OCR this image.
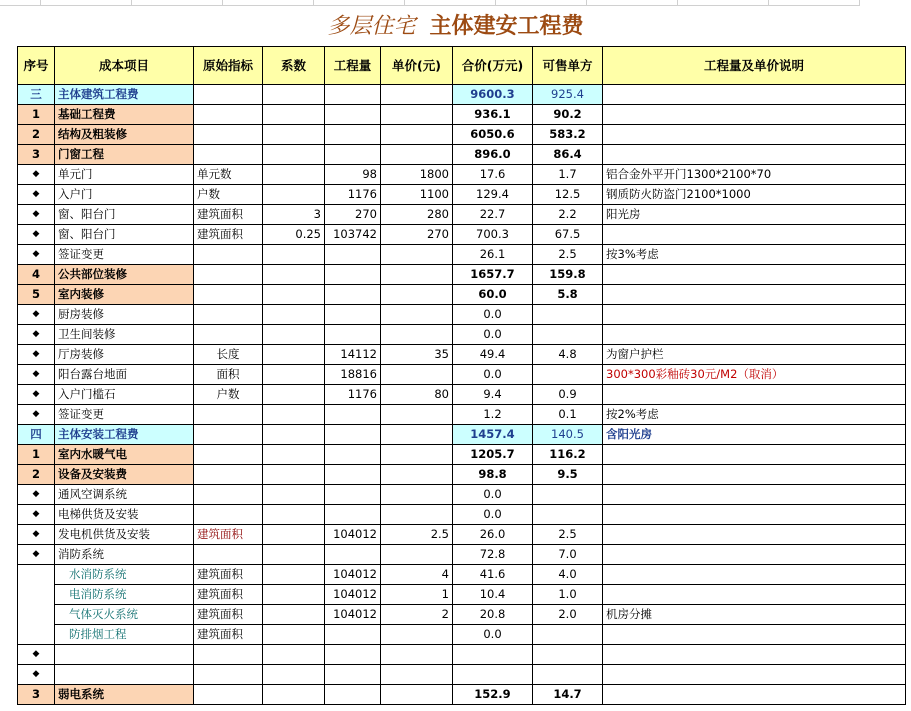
多层住宅 主体建安工程费
序号	成本项目	原始指标	系数	工程量	单价(元)	合价(万元)	可售单方	工程量及单价说明
三	主体建筑工程费					9600.3	925.4	
1	基础工程费					936.1	90.2	
2	结构及粗装修					6050.6	583.2	
3	门窗工程					896.0	86.4	
◆	单元门	单元数		98	1800	17.6	1.7	铝合金外平开门1300*2100*70
◆	入户门	户数		1176	1100	129.4	12.5	钢质防火防盗门2100*1000
◆	窗、阳台门	建筑面积	3	270	280	22.7	2.2	阳光房
◆	窗、阳台门	建筑面积	0.25	103742	270	700.3	67.5	
◆	签证变更					26.1	2.5	按3%考虑
4	公共部位装修					1657.7	159.8	
5	室内装修					60.0	5.8	
◆	厨房装修					0.0		
◆	卫生间装修					0.0		
◆	厅房装修	长度		14112	35	49.4	4.8	为窗户护栏
◆	阳台露台地面	面积		18816		0.0		300*300彩釉砖30元/M2（取消）
◆	入户门槛石	户数		1176	80	9.4	0.9	
◆	签证变更					1.2	0.1	按2%考虑
四	主体安装工程费					1457.4	140.5	含阳光房
1	室内水暖气电					1205.7	116.2	
2	设备及安装费					98.8	9.5	
◆	通风空调系统					0.0		
◆	电梯供货及安装					0.0		
◆	发电机供货及安装	建筑面积		104012	2.5	26.0	2.5	
◆	消防系统					72.8	7.0	
	水消防系统	建筑面积		104012	4	41.6	4.0	
	电消防系统	建筑面积		104012	1	10.4	1.0	
	气体灭火系统	建筑面积		104012	2	20.8	2.0	机房分摊
	防排烟工程	建筑面积				0.0		
◆								
◆								
3	弱电系统					152.9	14.7	
